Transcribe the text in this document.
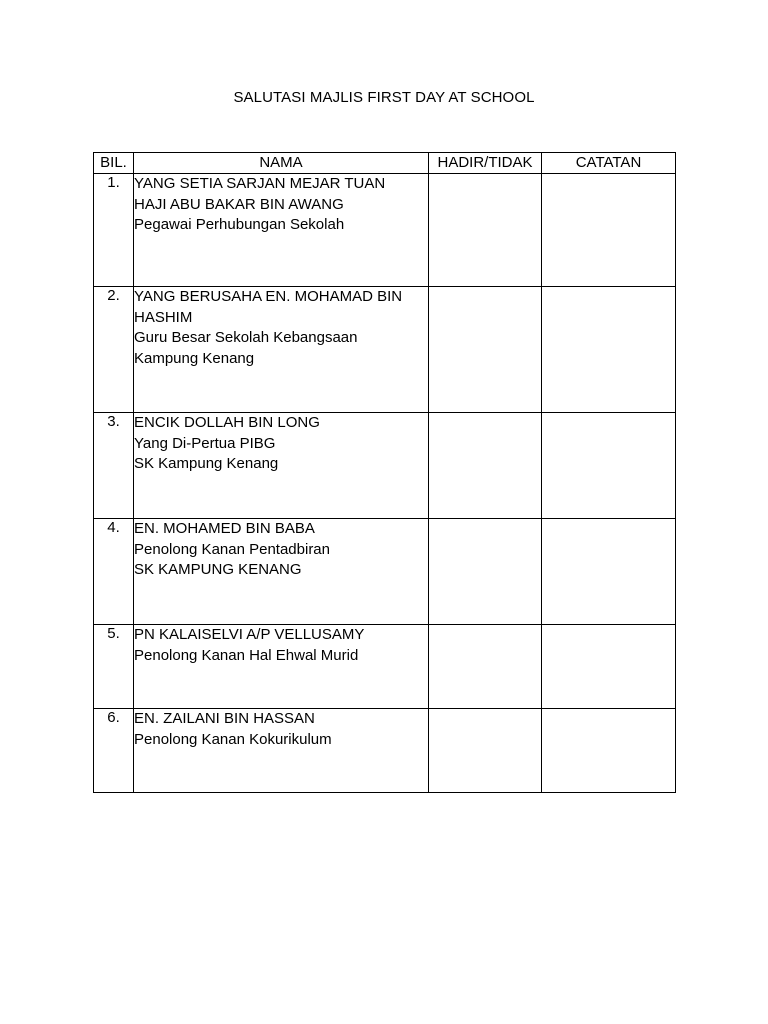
SALUTASI MAJLIS FIRST DAY AT SCHOOL
BIL.	NAMA	HADIR/TIDAK	CATATAN
1.	YANG SETIA SARJAN MEJAR TUAN
HAJI ABU BAKAR BIN AWANG
Pegawai Perhubungan Sekolah		

2.	YANG BERUSAHA EN. MOHAMAD BIN
HASHIM
Guru Besar Sekolah Kebangsaan
Kampung Kenang		

3.	ENCIK DOLLAH BIN LONG
Yang Di-Pertua PIBG
SK Kampung Kenang		

4.	EN. MOHAMED BIN BABA
Penolong Kanan Pentadbiran
SK KAMPUNG KENANG		

5.	PN KALAISELVI A/P VELLUSAMY
Penolong Kanan Hal Ehwal Murid		

6.	EN. ZAILANI BIN HASSAN
Penolong Kanan Kokurikulum		
